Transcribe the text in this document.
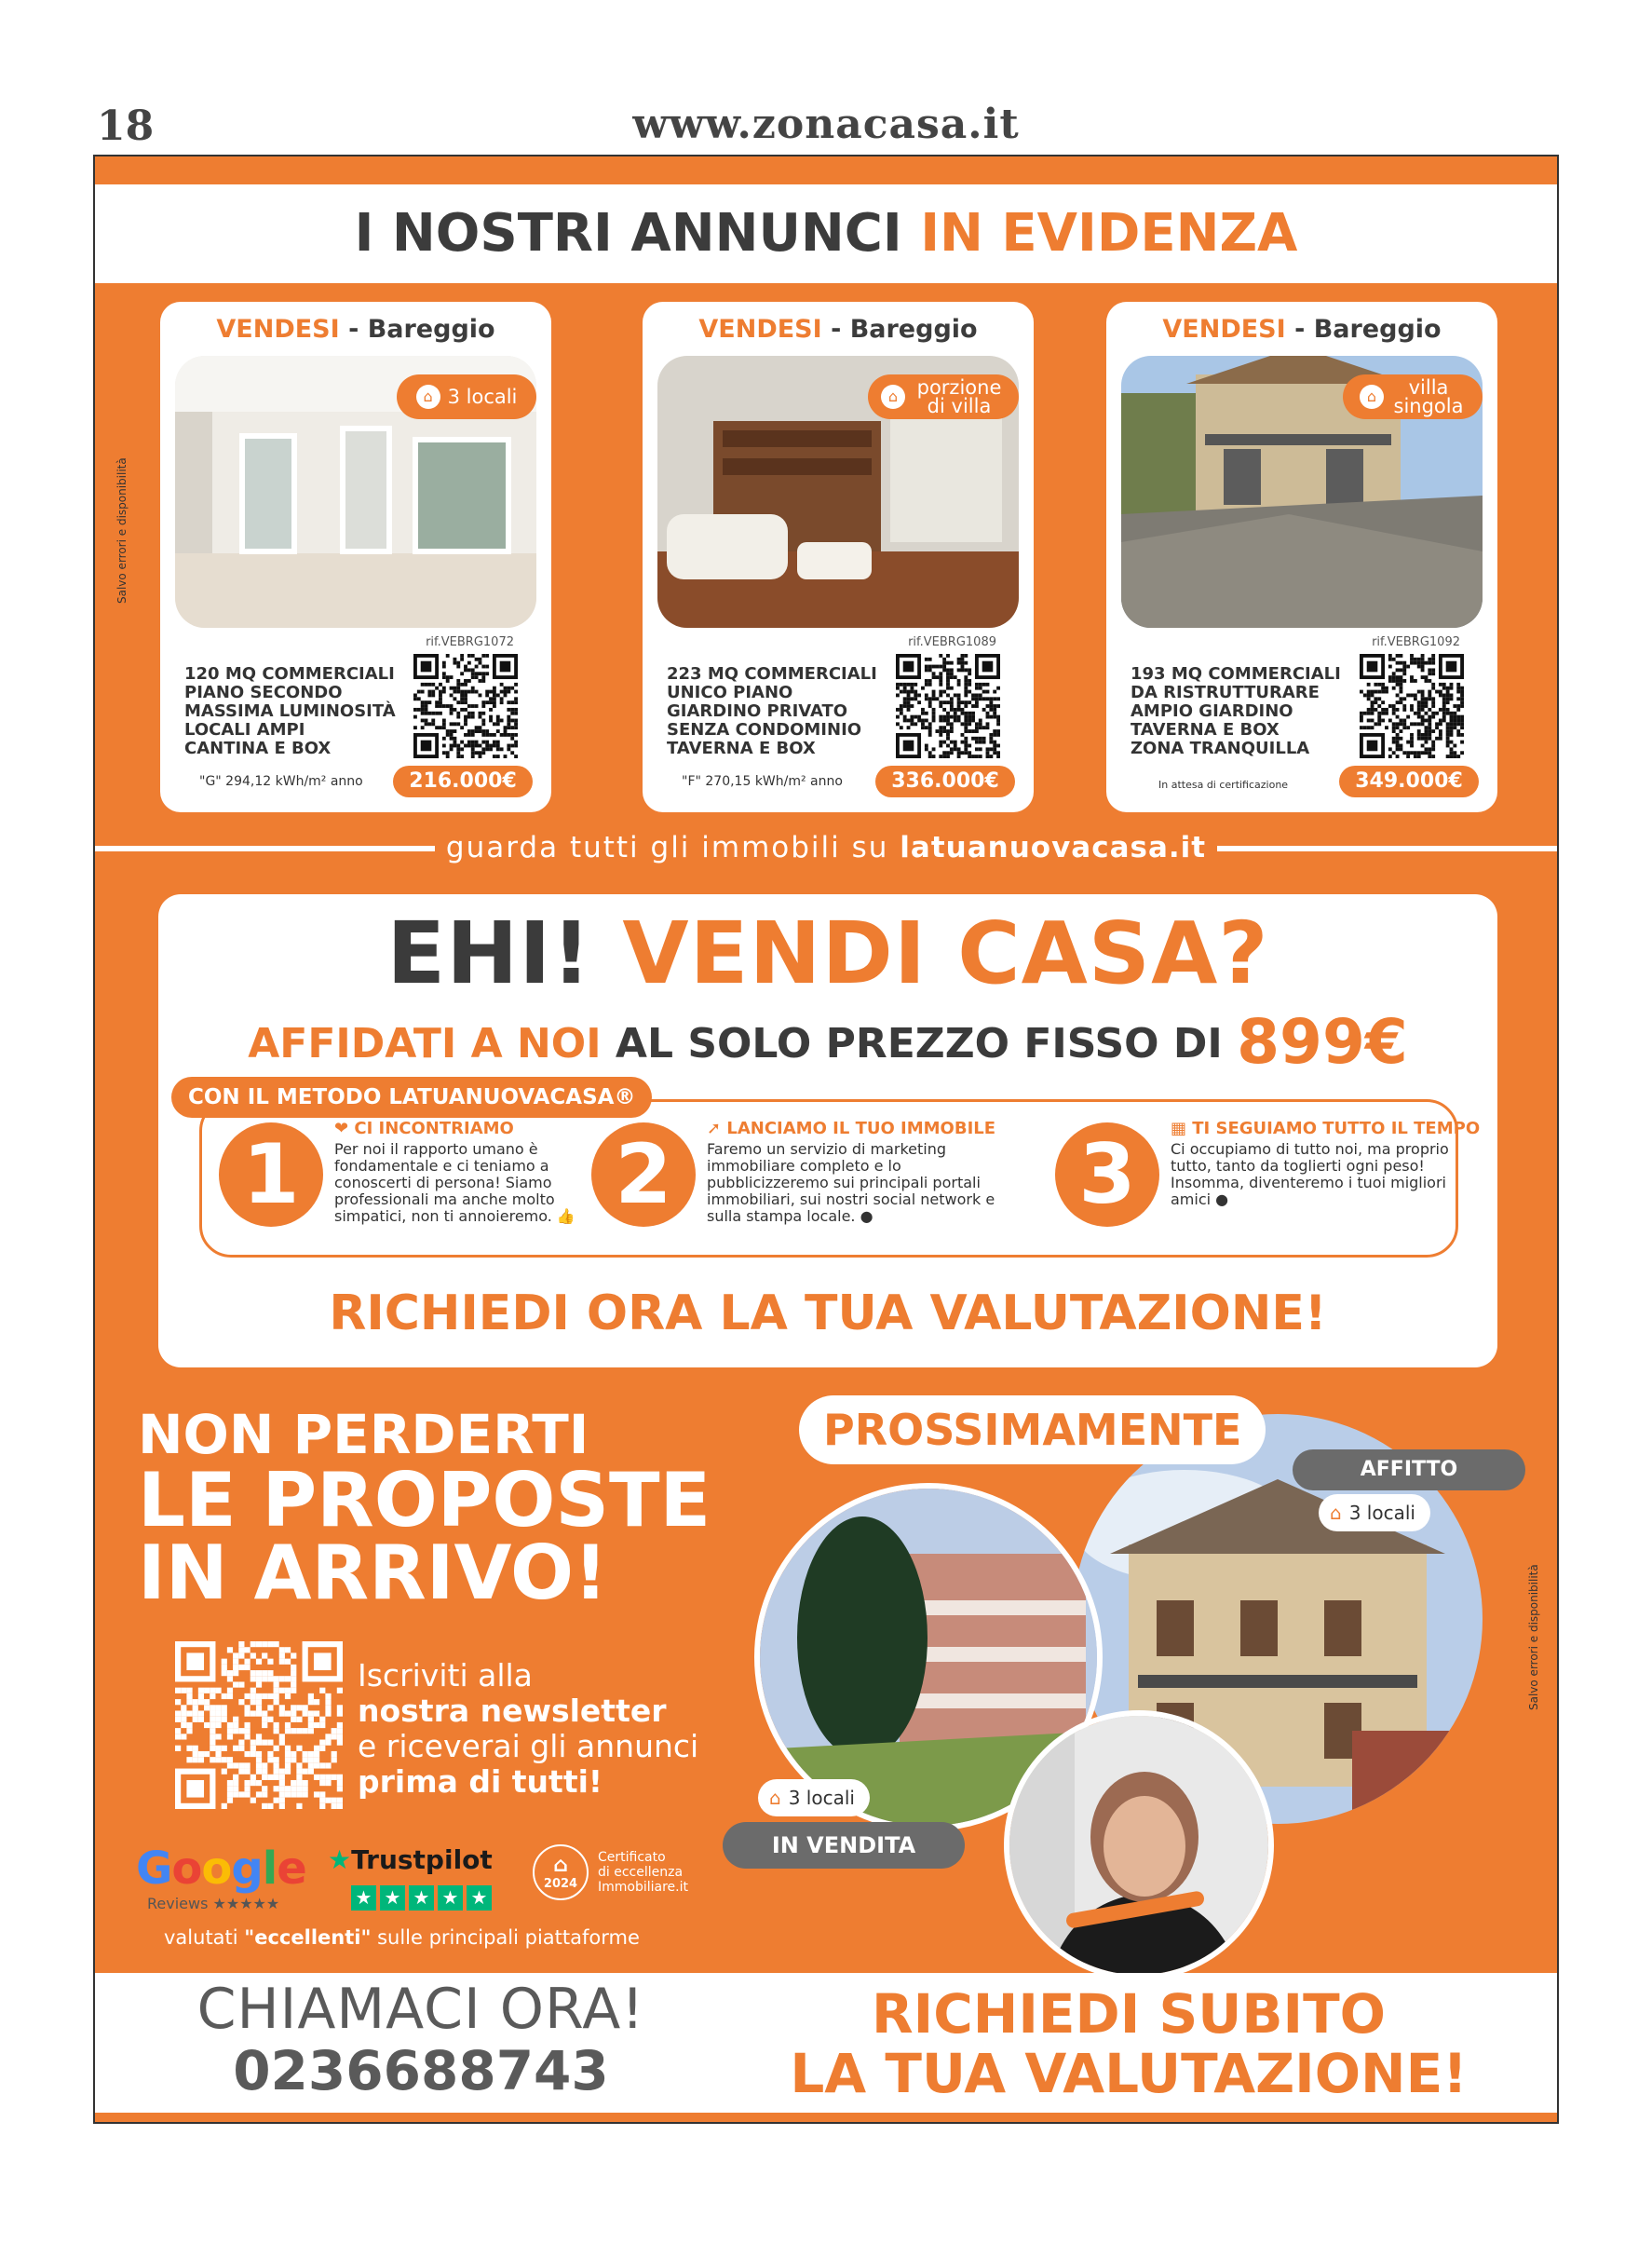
18	www.zonacasa.it
I NOSTRI ANNUNCI IN EVIDENZA
VENDESI - Bareggio
⌂ 3 locali
rif.VEBRG1072
120 MQ COMMERCIALI
PIANO SECONDO
MASSIMA LUMINOSITÀ
LOCALI AMPI
CANTINA E BOX
"G" 294,12 kWh/m² anno	216.000€
VENDESI - Bareggio
⌂ porzione di villa
rif.VEBRG1089
223 MQ COMMERCIALI
UNICO PIANO
GIARDINO PRIVATO
SENZA CONDOMINIO
TAVERNA E BOX
"F" 270,15 kWh/m² anno	336.000€
VENDESI - Bareggio
⌂	villa singola
rif.VEBRG1092
193 MQ COMMERCIALI
DA RISTRUTTURARE
AMPIO GIARDINO
TAVERNA E BOX
ZONA TRANQUILLA
In attesa di certificazione	349.000€
guarda tutti gli immobili su latuanuovacasa.it
EHI! VENDI CASA?
AFFIDATI A NOI AL SOLO PREZZO FISSO DI 899€
1	❤ CI INCONTRIAMO
Per noi il rapporto umano è fondamentale e ci teniamo a conoscerti di persona! Siamo professionali ma anche molto simpatici, non ti annoieremo. 👍 2	➚ LANCIAMO IL TUO IMMOBILE
Faremo un servizio di marketing immobiliare completo e lo pubblicizzeremo sui principali portali immobiliari, sui nostri social network e sulla stampa locale. ●	3	▦ TI SEGUIAMO TUTTO IL TEMPO
Ci occupiamo di tutto noi, ma proprio tutto, tanto da toglierti ogni peso! Insomma, diventeremo i tuoi migliori amici ●
CON IL METODO LATUANUOVACASA®
RICHIEDI ORA LA TUA VALUTAZIONE!
NON PERDERTI
LE PROPOSTE
IN ARRIVO!
Iscriviti alla
nostra newsletter
e riceverai gli annunci
prima di tutti!
Google
Reviews ★★★★★
★Trustpilot
★ ★ ★ ★ ★
⌂
2024
Certificato
di eccellenza
Immobiliare.it
valutati "eccellenti" sulle principali piattaforme
AFFITTO
⌂ 3 locali
⌂ 3 locali
IN VENDITA
PROSSIMAMENTE
CHIAMACI ORA!
0236688743
RICHIEDI SUBITO
LA TUA VALUTAZIONE!
Salvo errori e disponibilità
Salvo errori e disponibilità
